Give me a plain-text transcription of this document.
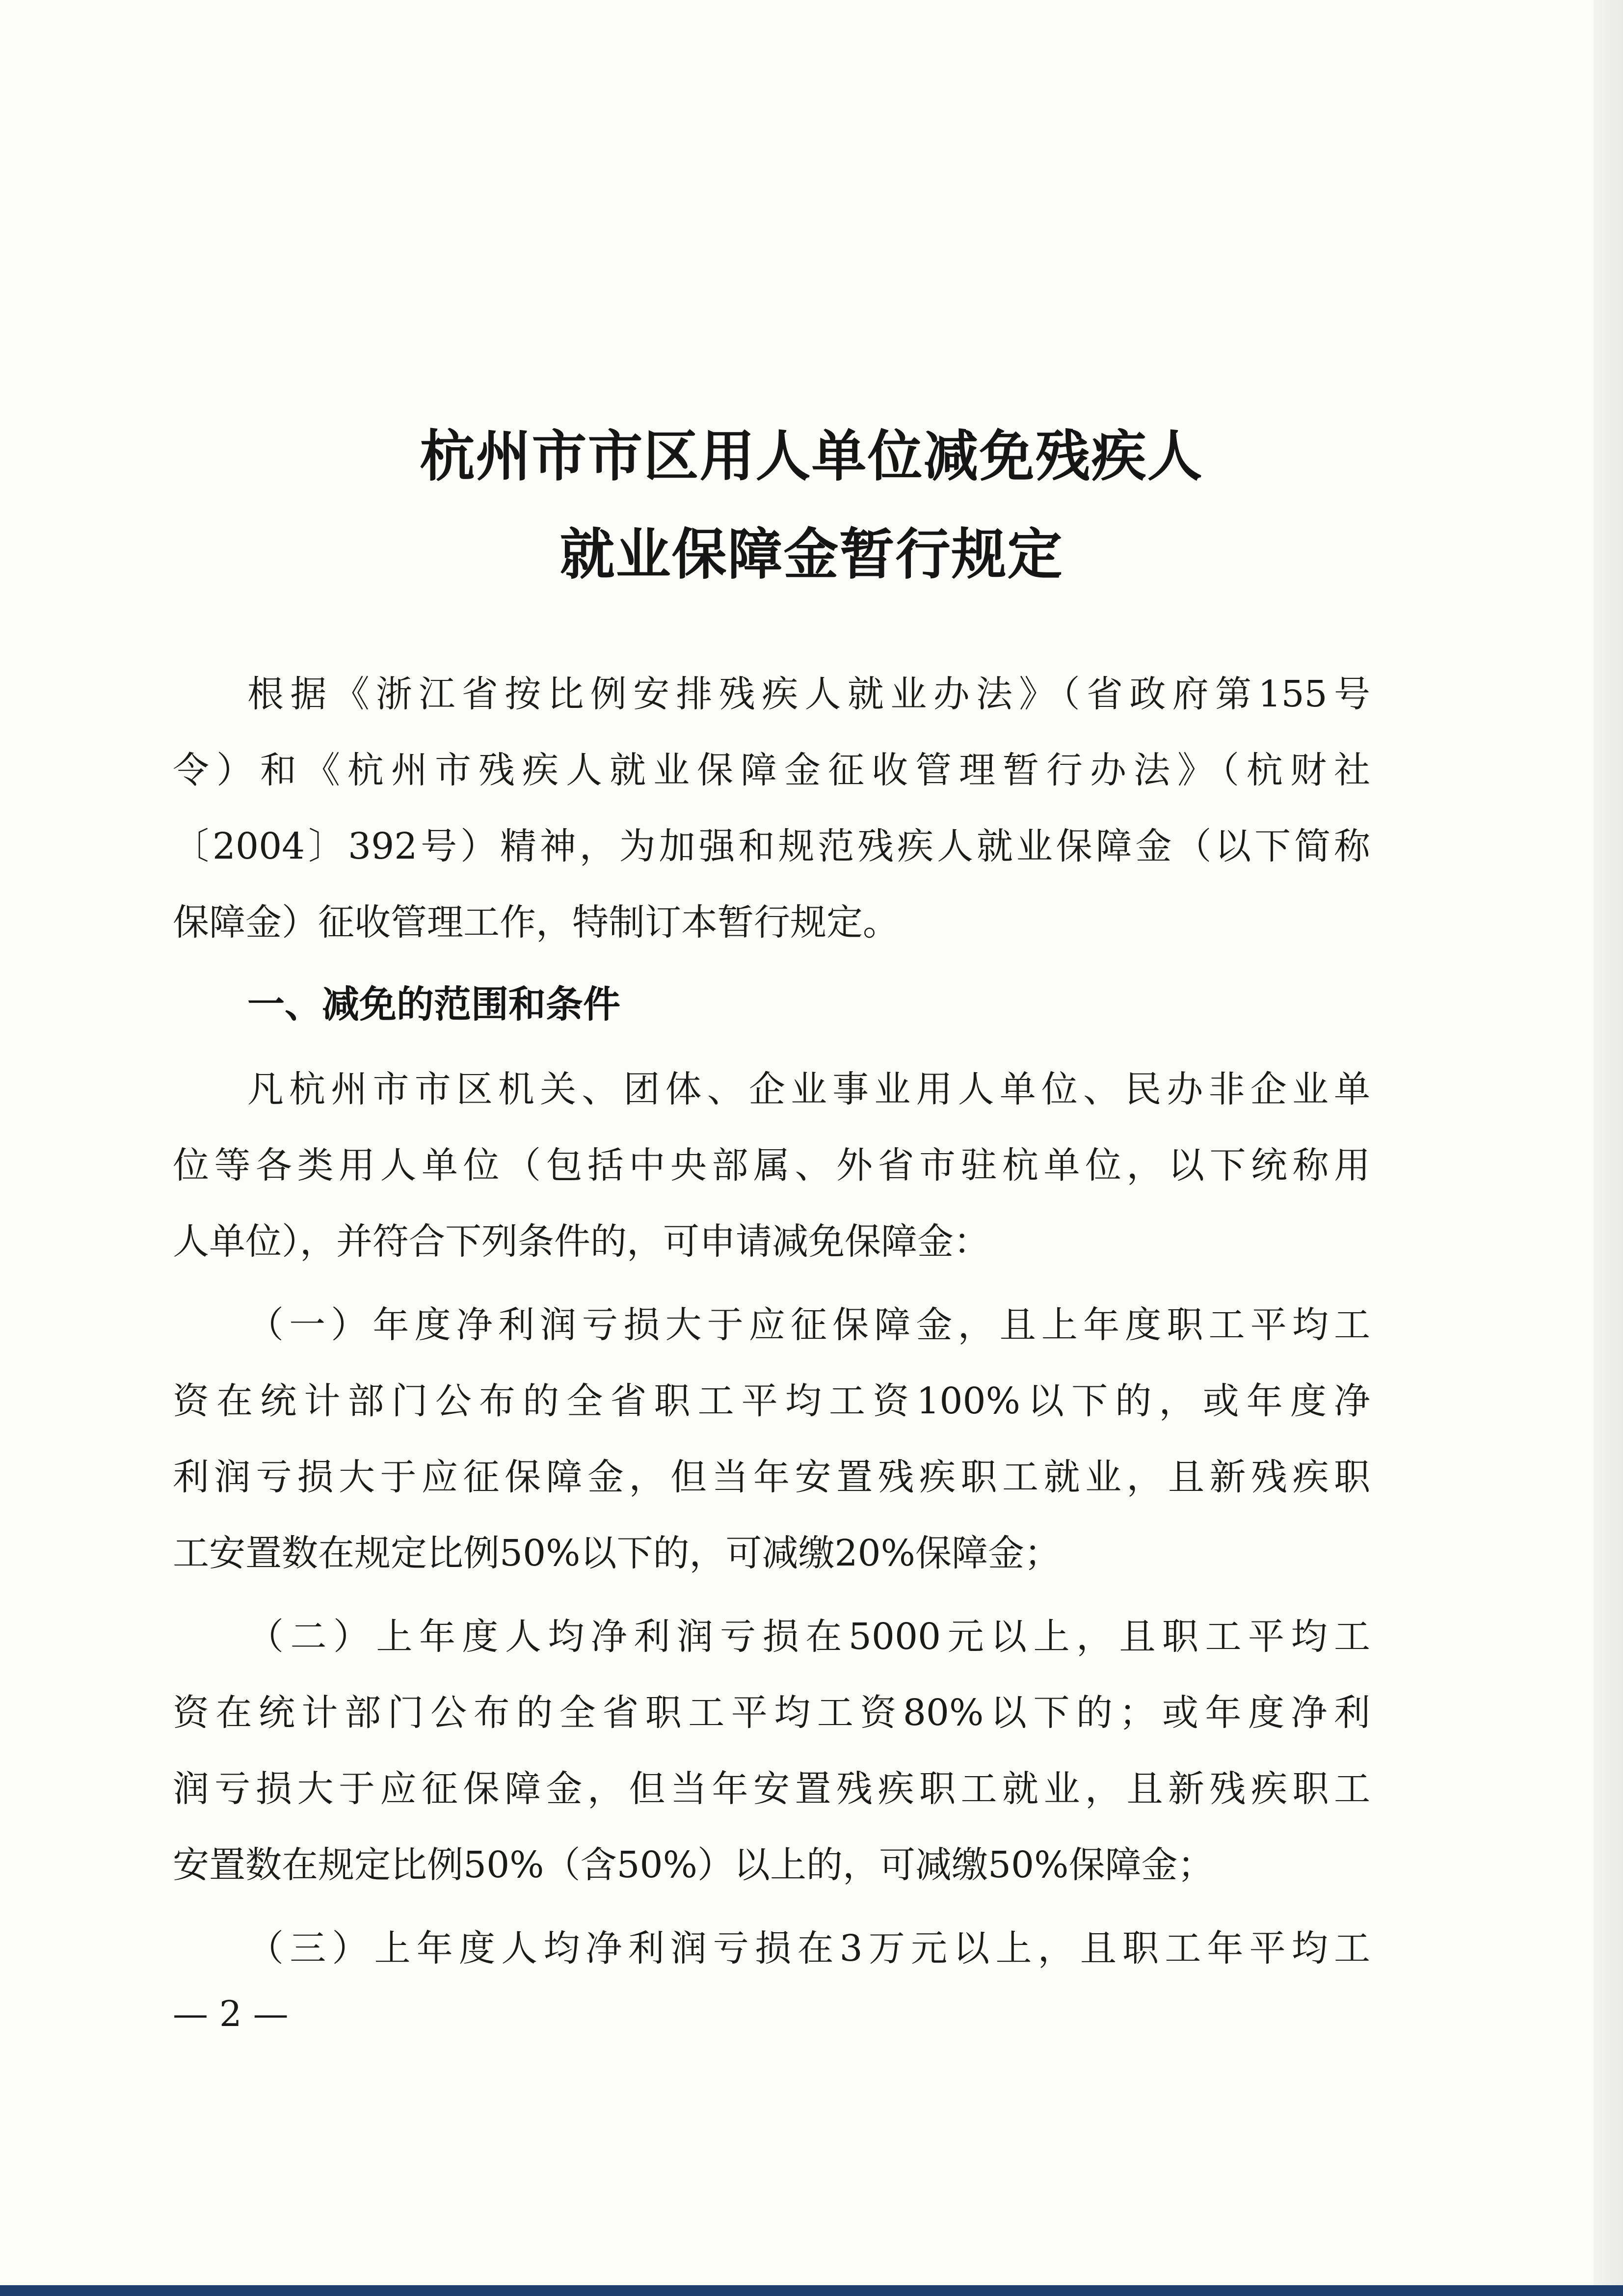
杭州市市区用人单位减免残疾人
就业保障金暂行规定
根据《浙江省按比例安排残疾人就业办法》（省政府第155号
令）和《杭州市残疾人就业保障金征收管理暂行办法》（杭财社
〔2004〕392号）精神，为加强和规范残疾人就业保障金（以下简称
保障金）征收管理工作，特制订本暂行规定。
一、减免的范围和条件
凡杭州市市区机关、团体、企业事业用人单位、民办非企业单
位等各类用人单位（包括中央部属、外省市驻杭单位，以下统称用
人单位），并符合下列条件的，可申请减免保障金：
（一）年度净利润亏损大于应征保障金，且上年度职工平均工
资在统计部门公布的全省职工平均工资100%以下的，或年度净
利润亏损大于应征保障金，但当年安置残疾职工就业，且新残疾职
工安置数在规定比例50%以下的，可减缴20%保障金；
（二）上年度人均净利润亏损在5000元以上，且职工平均工
资在统计部门公布的全省职工平均工资80%以下的；或年度净利
润亏损大于应征保障金，但当年安置残疾职工就业，且新残疾职工
安置数在规定比例50%（含50%）以上的，可减缴50%保障金；
（三）上年度人均净利润亏损在3万元以上，且职工年平均工
— 2 —
